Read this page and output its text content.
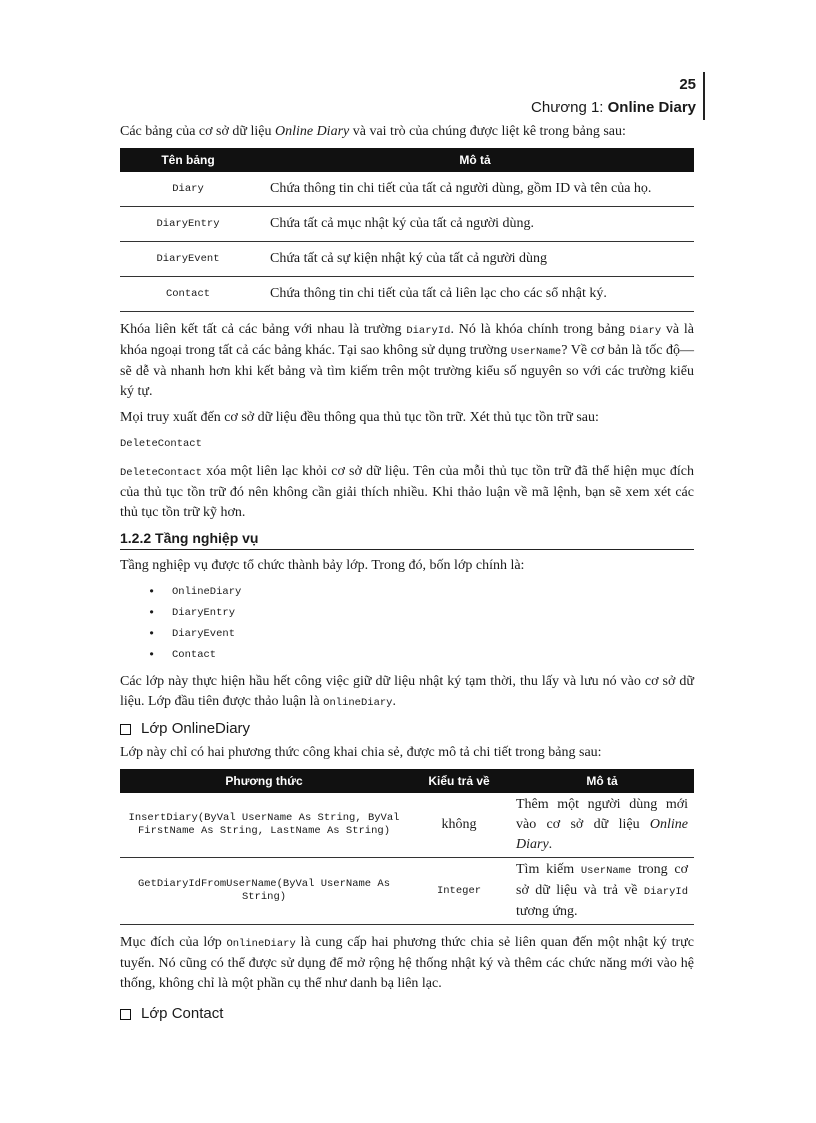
25
Chương 1: Online Diary

Các bảng của cơ sở dữ liệu Online Diary và vai trò của chúng được liệt kê trong bảng sau:

Tên bảng	Mô tả
Diary	Chứa thông tin chi tiết của tất cả người dùng, gồm ID và tên của họ.
DiaryEntry	Chứa tất cả mục nhật ký của tất cả người dùng.
DiaryEvent	Chứa tất cả sự kiện nhật ký của tất cả người dùng
Contact	Chứa thông tin chi tiết của tất cả liên lạc cho các sổ nhật ký.

Khóa liên kết tất cả các bảng với nhau là trường DiaryId. Nó là khóa chính trong bảng Diary và là khóa ngoại trong tất cả các bảng khác. Tại sao không sử dụng trường UserName? Về cơ bản là tốc độ—sẽ dễ và nhanh hơn khi kết bảng và tìm kiếm trên một trường kiểu số nguyên so với các trường kiểu ký tự.

Mọi truy xuất đến cơ sở dữ liệu đều thông qua thủ tục tồn trữ. Xét thủ tục tồn trữ sau:

DeleteContact

DeleteContact xóa một liên lạc khỏi cơ sở dữ liệu. Tên của mỗi thủ tục tồn trữ đã thể hiện mục đích của thủ tục tồn trữ đó nên không cần giải thích nhiều. Khi thảo luận về mã lệnh, bạn sẽ xem xét các thủ tục tồn trữ kỹ hơn.

1.2.2 Tầng nghiệp vụ

Tầng nghiệp vụ được tổ chức thành bảy lớp. Trong đó, bốn lớp chính là:

• OnlineDiary
• DiaryEntry
• DiaryEvent
• Contact

Các lớp này thực hiện hầu hết công việc giữ dữ liệu nhật ký tạm thời, thu lấy và lưu nó vào cơ sở dữ liệu. Lớp đầu tiên được thảo luận là OnlineDiary.

Lớp OnlineDiary

Lớp này chỉ có hai phương thức công khai chia sẻ, được mô tả chi tiết trong bảng sau:

Phương thức	Kiểu trả về	Mô tả
InsertDiary(ByVal UserName As String, ByVal FirstName As String, LastName As String)	không	Thêm một người dùng mới vào cơ sở dữ liệu Online Diary.
GetDiaryIdFromUserName(ByVal UserName As String)	Integer	Tìm kiếm UserName trong cơ sở dữ liệu và trả về DiaryId tương ứng.

Mục đích của lớp OnlineDiary là cung cấp hai phương thức chia sẻ liên quan đến một nhật ký trực tuyến. Nó cũng có thể được sử dụng để mở rộng hệ thống nhật ký và thêm các chức năng mới vào hệ thống, không chỉ là một phần cụ thể như danh bạ liên lạc.

Lớp Contact
